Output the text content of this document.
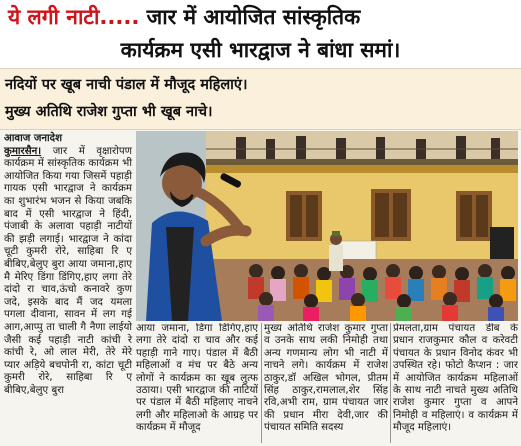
ये लगी नाटी..... जार में आयोजित सांस्कृतिक
कार्यक्रम एसी भारद्वाज ने बांधा समां।
नदियों पर खूब नाची पंडाल में मौजूद महिलाएं।
मुख्य अतिथि राजेश गुप्ता भी खूब नाचे।
आवाज जनादेश
कुमारसैन। जार में वृक्षारोपण कार्यक्रम में सांस्कृतिक कार्यक्रम भी आयोजित किया गया जिसमें पहाड़ी गायक एसी भारद्वाज ने कार्यक्रम का शुभारंभ भजन से किया जबकि बाद में एसी भारद्वाज ने हिंदी, पंजाबी के अलावा पहाड़ी नाटीयों की झड़ी लगाई। भारद्वाज ने कांदा चूटी कुमरी रोरे, साहिबा रि ए बीबिए,बेलुए बुरा आया जमाना,हाए मै मेरिए डिंगा डिंगिए,हाए लगा तेरे दांदो रा चाव,ऊंचो कनावरे कुण जदे, इसके बाद मैं जद यमला पगला दीवाना, सावन में लग गई आग,आप्पु ता चाली गै नैणा लाईयो जैसी कई पहाड़ी नाटी कांची रे कांची रे, ओ लाल मेरी, तेरे मेरे प्यार अड़िये बचपोनी रा, कांटा चूटी कुमरी रोरे, साहिबा रि ए बीबिए,बेलुए बुरा
आया जमाना, डिंगा डिंगिए,हाए लगा तेरे दांदो रा चाव और कई पहाड़ी गाने गाए। पंडाल में बैठी महिलाओं व मंच पर बैठे अन्य लोगों ने कार्यक्रम का खूब लुत्फ उठाया। एसी भारद्वाज की नाटियों पर पंडाल में बैठी महिलाए नाचने लगी और महिलाओ के आग्रह पर कार्यक्रम में मौजूद
मुख्य अतिथि राजेश कुमार गुप्ता व उनके साथ लकी निमोही तथा अन्य गणमान्य लोग भी नाटी में नाचने लगे। कार्यक्रम में राजेश ठाकुर,डॉ अखिल भोगल, प्रीतम सिंह ठाकुर,रामलाल,शेर सिंह रवि,अभी राम, ग्राम पंचायत जार की प्रधान मीरा देवी,जार की पंचायत समिति सदस्य
प्रेमलता,ग्राम पंचायत डीब के प्रधान राजकुमार कौल व करेवटी पंचायत के प्रधान विनोद कंवर भी उपस्थित रहे। फोटो कैप्शन : जार में आयोजित कार्यक्रम महिलाओं के साथ नाटी नाचते मुख्य अतिथि राजेश कुमार गुप्ता व आपने निमोही व महिलाएं। व कार्यक्रम में मौजूद महिलाएं।
